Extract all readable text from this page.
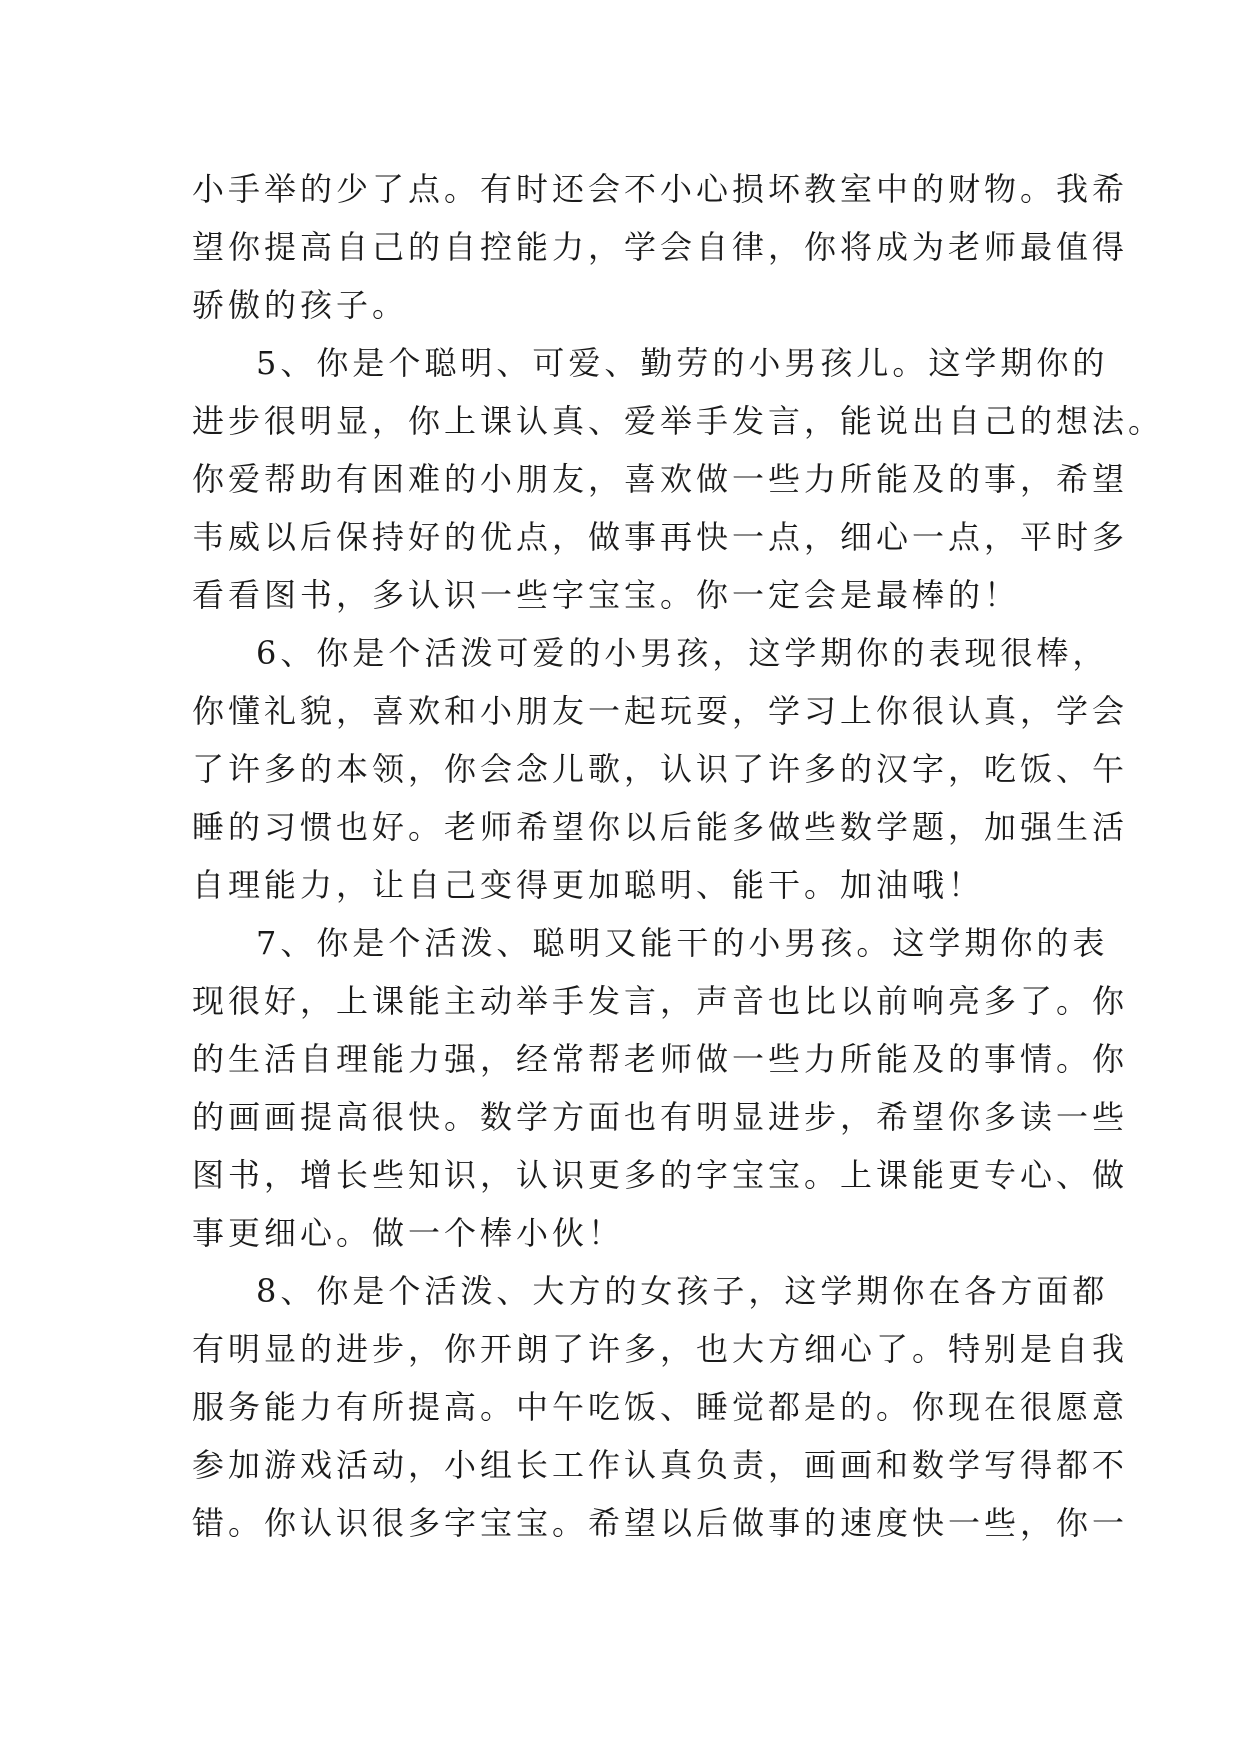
小手举的少了点。有时还会不小心损坏教室中的财物。我希
望你提高自己的自控能力，学会自律，你将成为老师最值得
骄傲的孩子。
5、你是个聪明、可爱、勤劳的小男孩儿。这学期你的
进步很明显，你上课认真、爱举手发言，能说出自己的想法。
你爱帮助有困难的小朋友，喜欢做一些力所能及的事，希望
韦威以后保持好的优点，做事再快一点，细心一点，平时多
看看图书，多认识一些字宝宝。你一定会是最棒的！
6、你是个活泼可爱的小男孩，这学期你的表现很棒，
你懂礼貌，喜欢和小朋友一起玩耍，学习上你很认真，学会
了许多的本领，你会念儿歌，认识了许多的汉字，吃饭、午
睡的习惯也好。老师希望你以后能多做些数学题，加强生活
自理能力，让自己变得更加聪明、能干。加油哦！
7、你是个活泼、聪明又能干的小男孩。这学期你的表
现很好，上课能主动举手发言，声音也比以前响亮多了。你
的生活自理能力强，经常帮老师做一些力所能及的事情。你
的画画提高很快。数学方面也有明显进步，希望你多读一些
图书，增长些知识，认识更多的字宝宝。上课能更专心、做
事更细心。做一个棒小伙！
8、你是个活泼、大方的女孩子，这学期你在各方面都
有明显的进步，你开朗了许多，也大方细心了。特别是自我
服务能力有所提高。中午吃饭、睡觉都是的。你现在很愿意
参加游戏活动，小组长工作认真负责，画画和数学写得都不
错。你认识很多字宝宝。希望以后做事的速度快一些，你一
